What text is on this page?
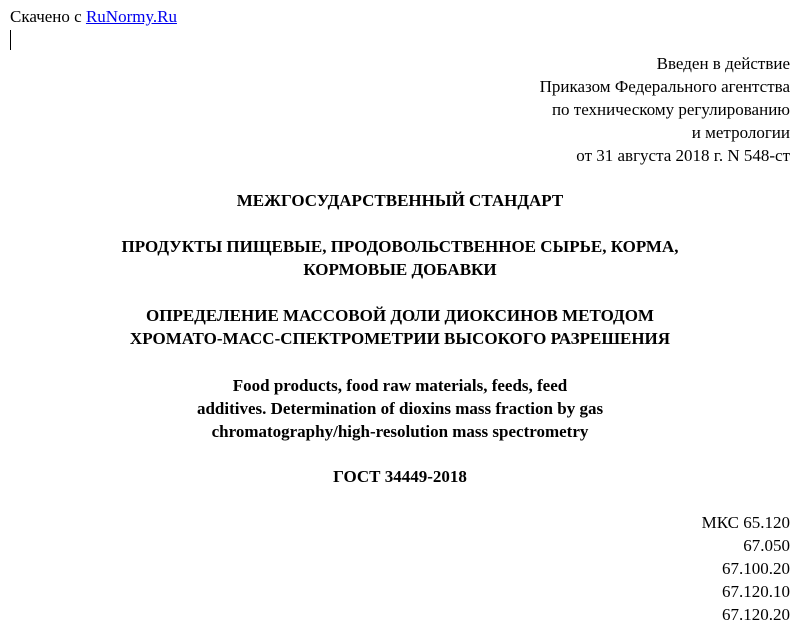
Скачено с RuNormy.Ru
Введен в действие
Приказом Федерального агентства
по техническому регулированию
и метрологии
от 31 августа 2018 г. N 548-ст
МЕЖГОСУДАРСТВЕННЫЙ СТАНДАРТ
ПРОДУКТЫ ПИЩЕВЫЕ, ПРОДОВОЛЬСТВЕННОЕ СЫРЬЕ, КОРМА,
КОРМОВЫЕ ДОБАВКИ
ОПРЕДЕЛЕНИЕ МАССОВОЙ ДОЛИ ДИОКСИНОВ МЕТОДОМ
ХРОМАТО-МАСС-СПЕКТРОМЕТРИИ ВЫСОКОГО РАЗРЕШЕНИЯ
Food products, food raw materials, feeds, feed
additives. Determination of dioxins mass fraction by gas
chromatography/high-resolution mass spectrometry
ГОСТ 34449-2018
МКС 65.120
67.050
67.100.20
67.120.10
67.120.20
